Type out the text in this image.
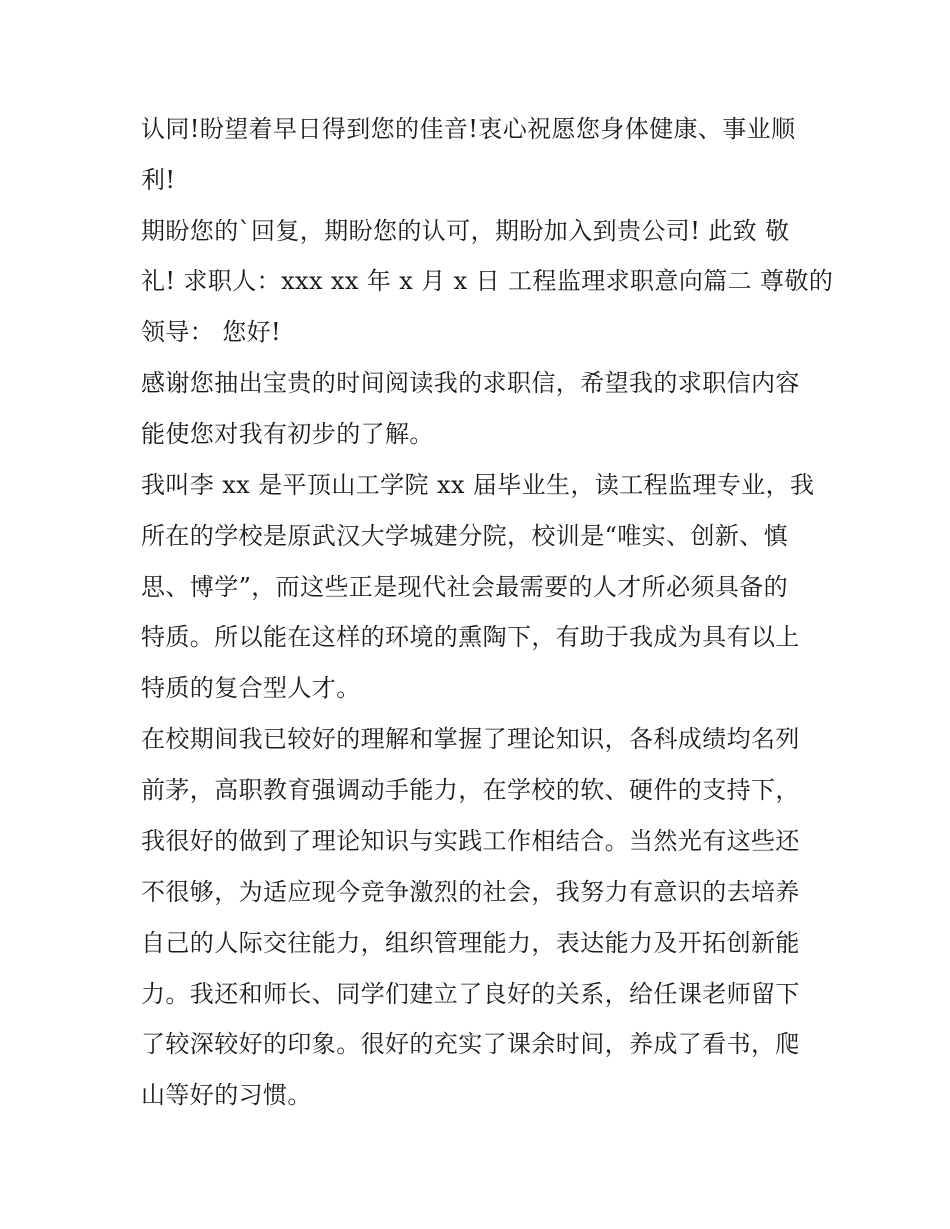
认同!盼望着早日得到您的佳音!衷心祝愿您身体健康、事业顺
利!
期盼您的`回复，期盼您的认可，期盼加入到贵公司! 此致 敬
礼! 求职人：xxx xx 年 x 月 x 日 工程监理求职意向篇二 尊敬的
领导： 您好!
感谢您抽出宝贵的时间阅读我的求职信，希望我的求职信内容
能使您对我有初步的了解。
我叫李 xx 是平顶山工学院 xx 届毕业生，读工程监理专业，我
所在的学校是原武汉大学城建分院，校训是“唯实、创新、慎
思、博学”，而这些正是现代社会最需要的人才所必须具备的
特质。所以能在这样的环境的熏陶下，有助于我成为具有以上
特质的复合型人才。
在校期间我已较好的理解和掌握了理论知识，各科成绩均名列
前茅，高职教育强调动手能力，在学校的软、硬件的支持下，
我很好的做到了理论知识与实践工作相结合。当然光有这些还
不很够，为适应现今竞争激烈的社会，我努力有意识的去培养
自己的人际交往能力，组织管理能力，表达能力及开拓创新能
力。我还和师长、同学们建立了良好的关系，给任课老师留下
了较深较好的印象。很好的充实了课余时间，养成了看书，爬
山等好的习惯。
